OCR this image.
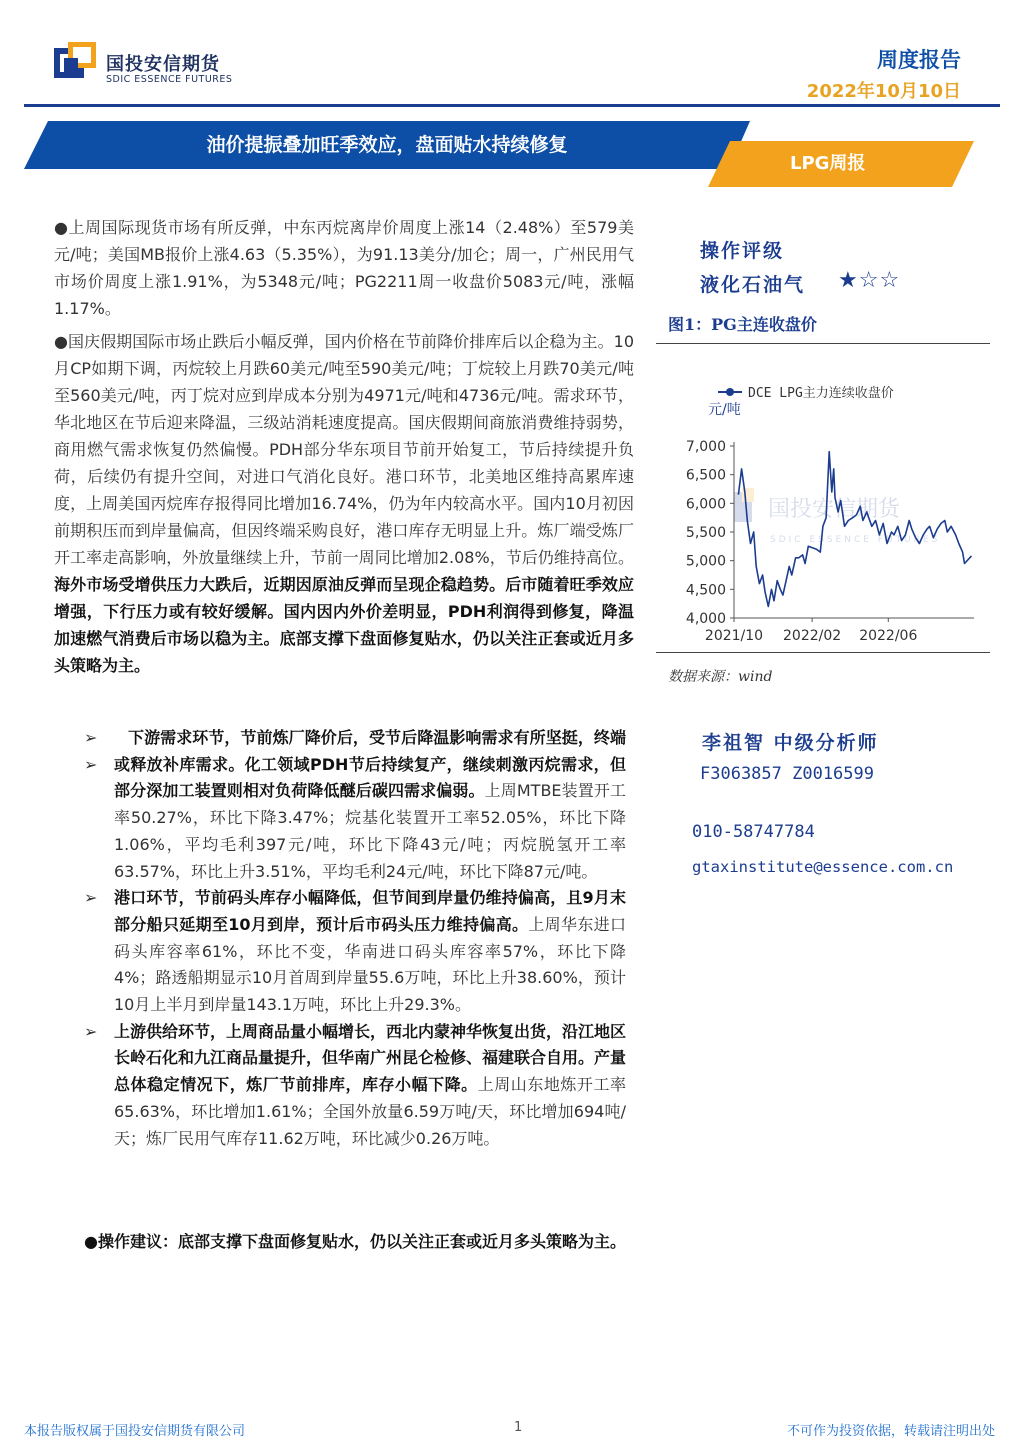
国投安信期货
SDIC ESSENCE FUTURES
周度报告
2022年10月10日
油价提振叠加旺季效应，盘面贴水持续修复
LPG周报
●上周国际现货市场有所反弹，中东丙烷离岸价周度上涨14（2.48%）至579美元/吨；美国MB报价上涨4.63（5.35%），为91.13美分/加仑；周一，广州民用气市场价周度上涨1.91%，为5348元/吨；PG2211周一收盘价5083元/吨，涨幅1.17%。
●国庆假期国际市场止跌后小幅反弹，国内价格在节前降价排库后以企稳为主。10月CP如期下调，丙烷较上月跌60美元/吨至590美元/吨；丁烷较上月跌70美元/吨至560美元/吨，丙丁烷对应到岸成本分别为4971元/吨和4736元/吨。需求环节，华北地区在节后迎来降温，三级站消耗速度提高。国庆假期间商旅消费维持弱势，商用燃气需求恢复仍然偏慢。PDH部分华东项目节前开始复工，节后持续提升负荷，后续仍有提升空间，对进口气消化良好。港口环节，北美地区维持高累库速度，上周美国丙烷库存报得同比增加16.74%，仍为年内较高水平。国内10月初因前期积压而到岸量偏高，但因终端采购良好，港口库存无明显上升。炼厂端受炼厂开工率走高影响，外放量继续上升，节前一周同比增加2.08%，节后仍维持高位。海外市场受增供压力大跌后，近期因原油反弹而呈现企稳趋势。后市随着旺季效应增强，下行压力或有较好缓解。国内因内外价差明显，PDH利润得到修复，降温加速燃气消费后市场以稳为主。底部支撑下盘面修复贴水，仍以关注正套或近月多头策略为主。
➢ ➢
下游需求环节，节前炼厂降价后，受节后降温影响需求有所坚挺，终端或释放补库需求。化工领域PDH节后持续复产，继续刺激丙烷需求，但部分深加工装置则相对负荷降低醚后碳四需求偏弱。上周MTBE装置开工率50.27%，环比下降3.47%；烷基化装置开工率52.05%，环比下降1.06%，平均毛利397元/吨，环比下降43元/吨；丙烷脱氢开工率63.57%，环比上升3.51%，平均毛利24元/吨，环比下降87元/吨。
➢	港口环节，节前码头库存小幅降低，但节间到岸量仍维持偏高，且9月末部分船只延期至10月到岸，预计后市码头压力维持偏高。上周华东进口码头库容率61%，环比不变，华南进口码头库容率57%，环比下降4%；路透船期显示10月首周到岸量55.6万吨，环比上升38.60%，预计10月上半月到岸量143.1万吨，环比上升29.3%。
➢	上游供给环节，上周商品量小幅增长，西北内蒙神华恢复出货，沿江地区长岭石化和九江商品量提升，但华南广州昆仑检修、福建联合自用。产量总体稳定情况下，炼厂节前排库，库存小幅下降。上周山东地炼开工率65.63%，环比增加1.61%；全国外放量6.59万吨/天，环比增加694吨/天；炼厂民用气库存11.62万吨，环比减少0.26万吨。
●操作建议：底部支撑下盘面修复贴水，仍以关注正套或近月多头策略为主。
操作评级
液化石油气 ★☆☆
图1：PG主连收盘价
国投安信期货
SDIC ESSENCE FUTURES
DCE LPG主力连续收盘价
元/吨
7,000
6,500
6,000
5,500
5,000
4,500
4,000
2021/10 2022/02 2022/06
数据来源：wind
李祖智 中级分析师
F3063857 Z0016599
010-58747784
gtaxinstitute@essence.com.cn
本报告版权属于国投安信期货有限公司	1	不可作为投资依据，转载请注明出处
